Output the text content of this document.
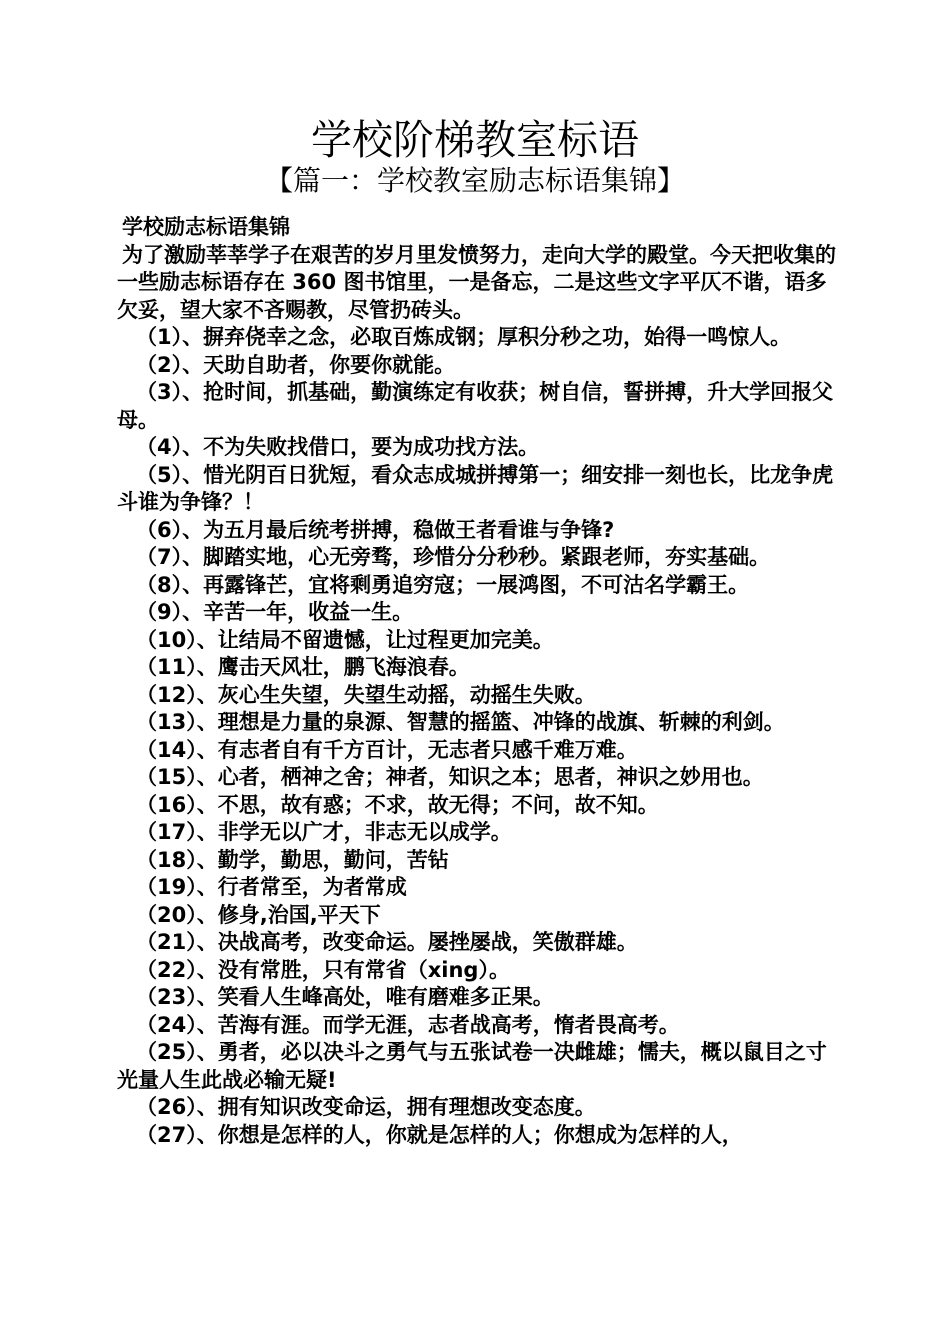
学校阶梯教室标语
【篇一：学校教室励志标语集锦】
学校励志标语集锦
为了激励莘莘学子在艰苦的岁月里发愤努力，走向大学的殿堂。今天把收集的一些励志标语存在 360 图书馆里，一是备忘，二是这些文字平仄不谐，语多欠妥，望大家不吝赐教，尽管扔砖头。
（1）、摒弃侥幸之念，必取百炼成钢；厚积分秒之功，始得一鸣惊人。
（2）、天助自助者，你要你就能。
（3）、抢时间，抓基础，勤演练定有收获；树自信，誓拼搏，升大学回报父母。
（4）、不为失败找借口，要为成功找方法。
（5）、惜光阴百日犹短，看众志成城拼搏第一；细安排一刻也长，比龙争虎斗谁为争锋？！
（6）、为五月最后统考拼搏，稳做王者看谁与争锋?
（7）、脚踏实地，心无旁骛，珍惜分分秒秒。紧跟老师，夯实基础。
（8）、再露锋芒，宜将剩勇追穷寇；一展鸿图，不可沽名学霸王。
（9）、辛苦一年，收益一生。
（10）、让结局不留遗憾，让过程更加完美。
（11）、鹰击天风壮，鹏飞海浪春。
（12）、灰心生失望，失望生动摇，动摇生失败。
（13）、理想是力量的泉源、智慧的摇篮、冲锋的战旗、斩棘的利剑。
（14）、有志者自有千方百计，无志者只感千难万难。
（15）、心者，栖神之舍；神者，知识之本；思者，神识之妙用也。
（16）、不思，故有惑；不求，故无得；不问，故不知。
（17）、非学无以广才，非志无以成学。
（18）、勤学，勤思，勤问，苦钻
（19）、行者常至，为者常成
（20）、修身,治国,平天下
（21）、决战高考，改变命运。屡挫屡战，笑傲群雄。
（22）、没有常胜，只有常省（xing）。
（23）、笑看人生峰高处，唯有磨难多正果。
（24）、苦海有涯。而学无涯，志者战高考，惰者畏高考。
（25）、勇者，必以决斗之勇气与五张试卷一决雌雄；懦夫，概以鼠目之寸光量人生此战必输无疑!
（26）、拥有知识改变命运，拥有理想改变态度。
（27）、你想是怎样的人，你就是怎样的人；你想成为怎样的人，
